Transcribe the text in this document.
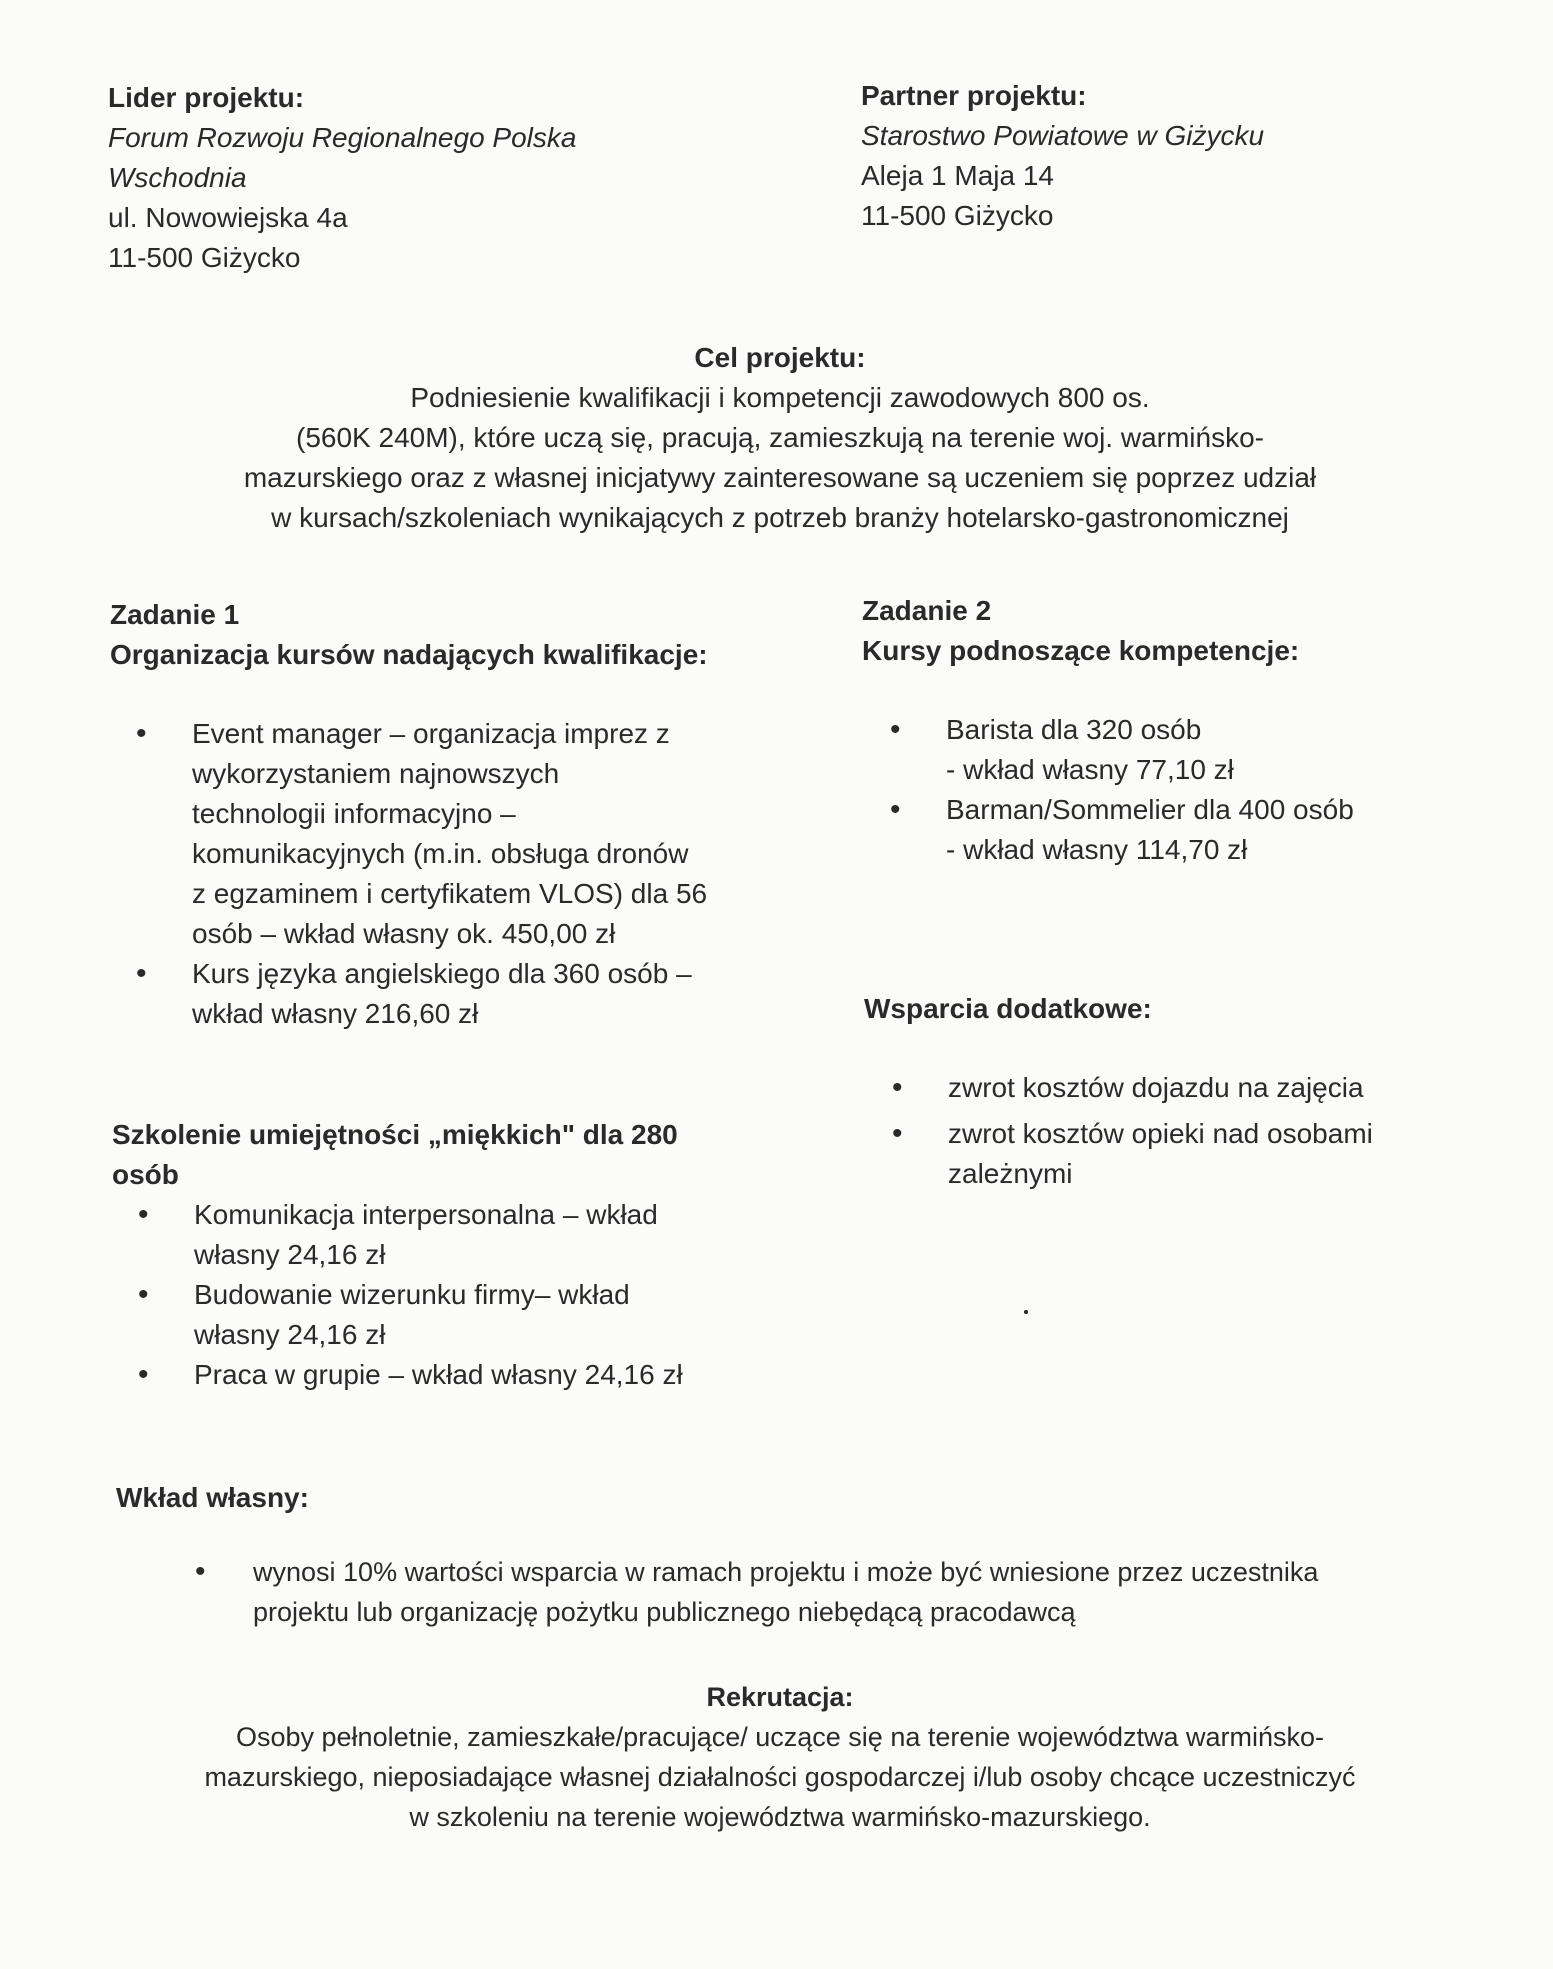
Lider projektu:
Forum Rozwoju Regionalnego Polska
Wschodnia
ul. Nowowiejska 4a
11-500 Giżycko
Partner projektu:
Starostwo Powiatowe w Giżycku
Aleja 1 Maja 14
11-500 Giżycko
Cel projektu:
Podniesienie kwalifikacji i kompetencji zawodowych 800 os.
(560K 240M), które uczą się, pracują, zamieszkują na terenie woj. warmińsko-
mazurskiego oraz z własnej inicjatywy zainteresowane są uczeniem się poprzez udział
w kursach/szkoleniach wynikających z potrzeb branży hotelarsko-gastronomicznej
Zadanie 1
Organizacja kursów nadających kwalifikacje:
• Event manager – organizacja imprez z
wykorzystaniem najnowszych
technologii informacyjno –
komunikacyjnych (m.in. obsługa dronów
z egzaminem i certyfikatem VLOS) dla 56
osób – wkład własny ok. 450,00 zł
• Kurs języka angielskiego dla 360 osób –
wkład własny 216,60 zł
Zadanie 2
Kursy podnoszące kompetencje:
• Barista dla 320 osób
- wkład własny 77,10 zł
• Barman/Sommelier dla 400 osób
- wkład własny 114,70 zł
Wsparcia dodatkowe:
• zwrot kosztów dojazdu na zajęcia
• zwrot kosztów opieki nad osobami
zależnymi
Szkolenie umiejętności „miękkich" dla 280
osób
• Komunikacja interpersonalna – wkład
własny 24,16 zł
• Budowanie wizerunku firmy– wkład
własny 24,16 zł
• Praca w grupie – wkład własny 24,16 zł
Wkład własny:
• wynosi 10% wartości wsparcia w ramach projektu i może być wniesione przez uczestnika
projektu lub organizację pożytku publicznego niebędącą pracodawcą
Rekrutacja:
Osoby pełnoletnie, zamieszkałe/pracujące/ uczące się na terenie województwa warmińsko-
mazurskiego, nieposiadające własnej działalności gospodarczej i/lub osoby chcące uczestniczyć
w szkoleniu na terenie województwa warmińsko-mazurskiego.
